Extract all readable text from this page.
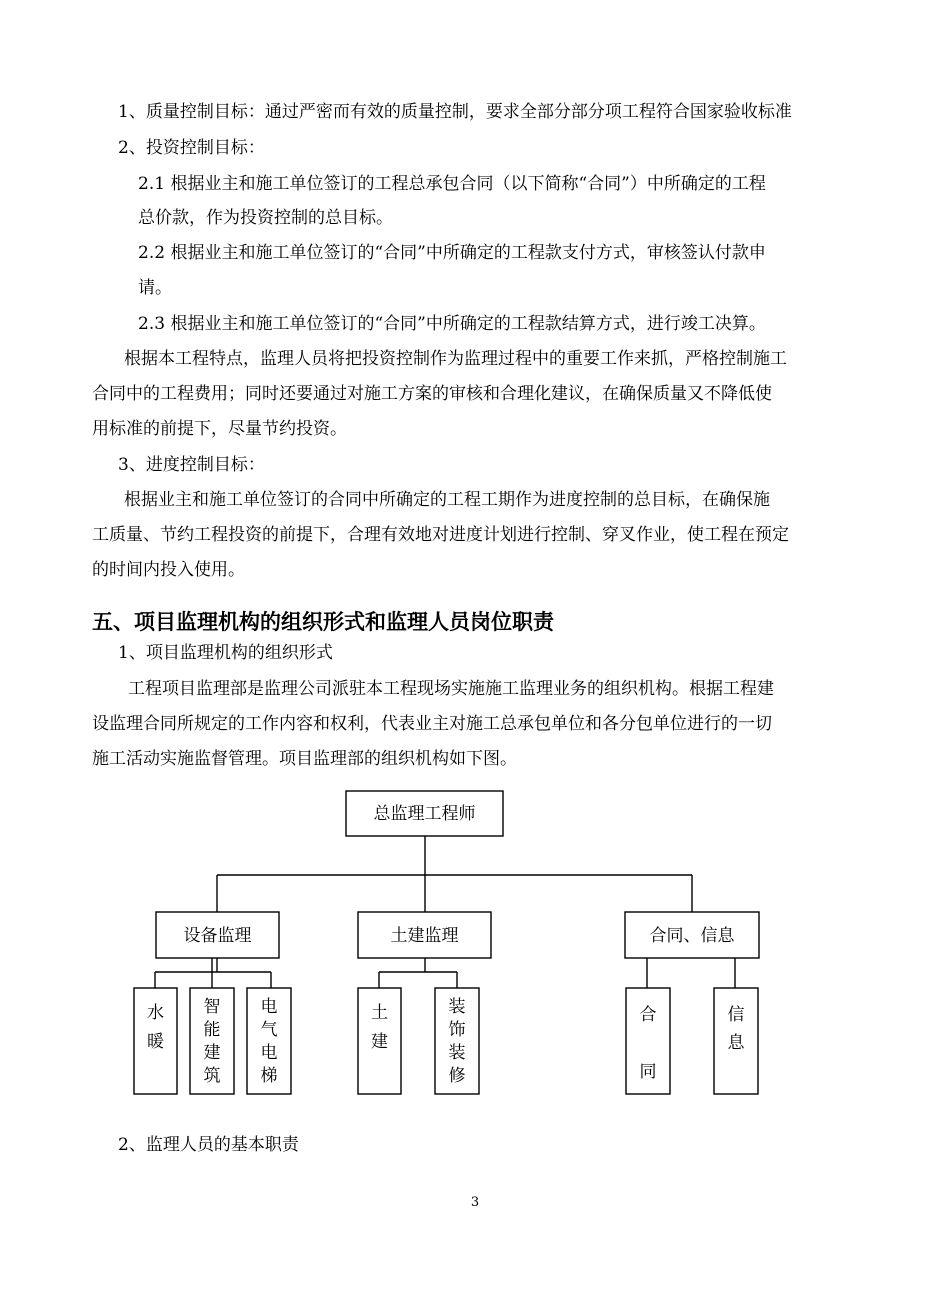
1、质量控制目标：通过严密而有效的质量控制，要求全部分部分项工程符合国家验收标准
2、投资控制目标：
2.1 根据业主和施工单位签订的工程总承包合同（以下简称“合同”）中所确定的工程
总价款，作为投资控制的总目标。
2.2 根据业主和施工单位签订的“合同”中所确定的工程款支付方式，审核签认付款申
请。
2.3 根据业主和施工单位签订的“合同”中所确定的工程款结算方式，进行竣工决算。
根据本工程特点，监理人员将把投资控制作为监理过程中的重要工作来抓，严格控制施工
合同中的工程费用；同时还要通过对施工方案的审核和合理化建议，在确保质量又不降低使
用标准的前提下，尽量节约投资。
3、进度控制目标：
根据业主和施工单位签订的合同中所确定的工程工期作为进度控制的总目标，在确保施
工质量、节约工程投资的前提下，合理有效地对进度计划进行控制、穿叉作业，使工程在预定
的时间内投入使用。
五、项目监理机构的组织形式和监理人员岗位职责
1、项目监理机构的组织形式
工程项目监理部是监理公司派驻本工程现场实施施工监理业务的组织机构。根据工程建
设监理合同所规定的工作内容和权利，代表业主对施工总承包单位和各分包单位进行的一切
施工活动实施监督管理。项目监理部的组织机构如下图。
总监理工程师
设备监理	土建监理	合同、信息
水
暖
智
能
建
筑
电
气
电
梯
土
建
装
饰
装
修
合
同
信
息
2、监理人员的基本职责
3
